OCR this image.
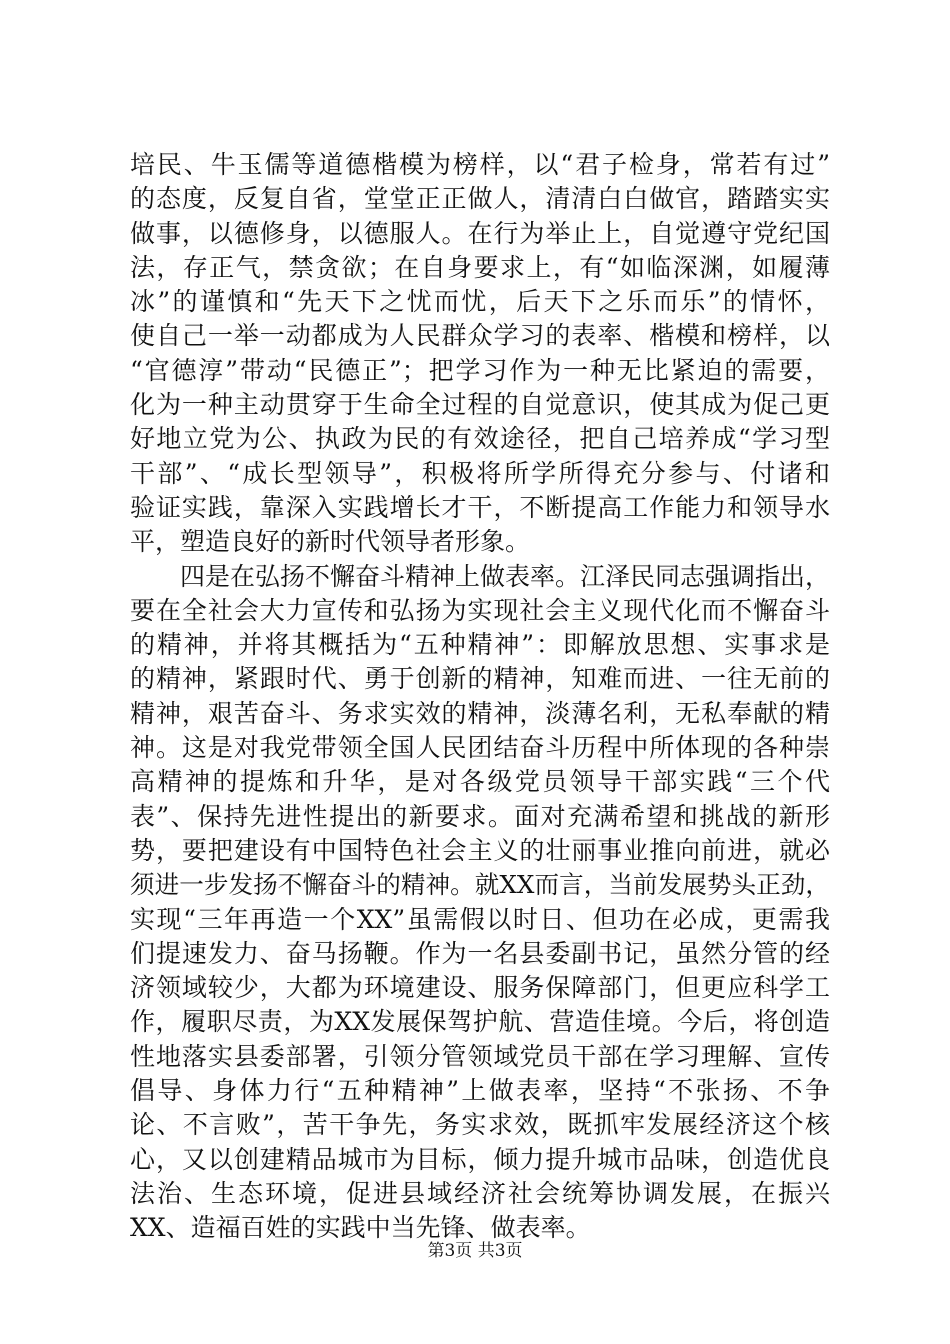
培民、牛玉儒等道德楷模为榜样，以“君子检身，常若有过”
的态度，反复自省，堂堂正正做人，清清白白做官，踏踏实实
做事，以德修身，以德服人。在行为举止上，自觉遵守党纪国
法，存正气，禁贪欲；在自身要求上，有“如临深渊，如履薄
冰”的谨慎和“先天下之忧而忧，后天下之乐而乐”的情怀，
使自己一举一动都成为人民群众学习的表率、楷模和榜样，以
“官德淳”带动“民德正”；把学习作为一种无比紧迫的需要，
化为一种主动贯穿于生命全过程的自觉意识，使其成为促己更
好地立党为公、执政为民的有效途径，把自己培养成“学习型
干部”、“成长型领导”，积极将所学所得充分参与、付诸和
验证实践，靠深入实践增长才干，不断提高工作能力和领导水
平，塑造良好的新时代领导者形象。
四是在弘扬不懈奋斗精神上做表率。江泽民同志强调指出，
要在全社会大力宣传和弘扬为实现社会主义现代化而不懈奋斗
的精神，并将其概括为“五种精神”：即解放思想、实事求是
的精神，紧跟时代、勇于创新的精神，知难而进、一往无前的
精神，艰苦奋斗、务求实效的精神，淡薄名利，无私奉献的精
神。这是对我党带领全国人民团结奋斗历程中所体现的各种崇
高精神的提炼和升华，是对各级党员领导干部实践“三个代
表”、保持先进性提出的新要求。面对充满希望和挑战的新形
势，要把建设有中国特色社会主义的壮丽事业推向前进，就必
须进一步发扬不懈奋斗的精神。就XX而言，当前发展势头正劲，
实现“三年再造一个XX”虽需假以时日、但功在必成，更需我
们提速发力、奋马扬鞭。作为一名县委副书记，虽然分管的经
济领域较少，大都为环境建设、服务保障部门，但更应科学工
作，履职尽责，为XX发展保驾护航、营造佳境。今后，将创造
性地落实县委部署，引领分管领域党员干部在学习理解、宣传
倡导、身体力行“五种精神”上做表率，坚持“不张扬、不争
论、不言败”，苦干争先，务实求效，既抓牢发展经济这个核
心，又以创建精品城市为目标，倾力提升城市品味，创造优良
法治、生态环境，促进县域经济社会统筹协调发展，在振兴
XX、造福百姓的实践中当先锋、做表率。
第3页 共3页
